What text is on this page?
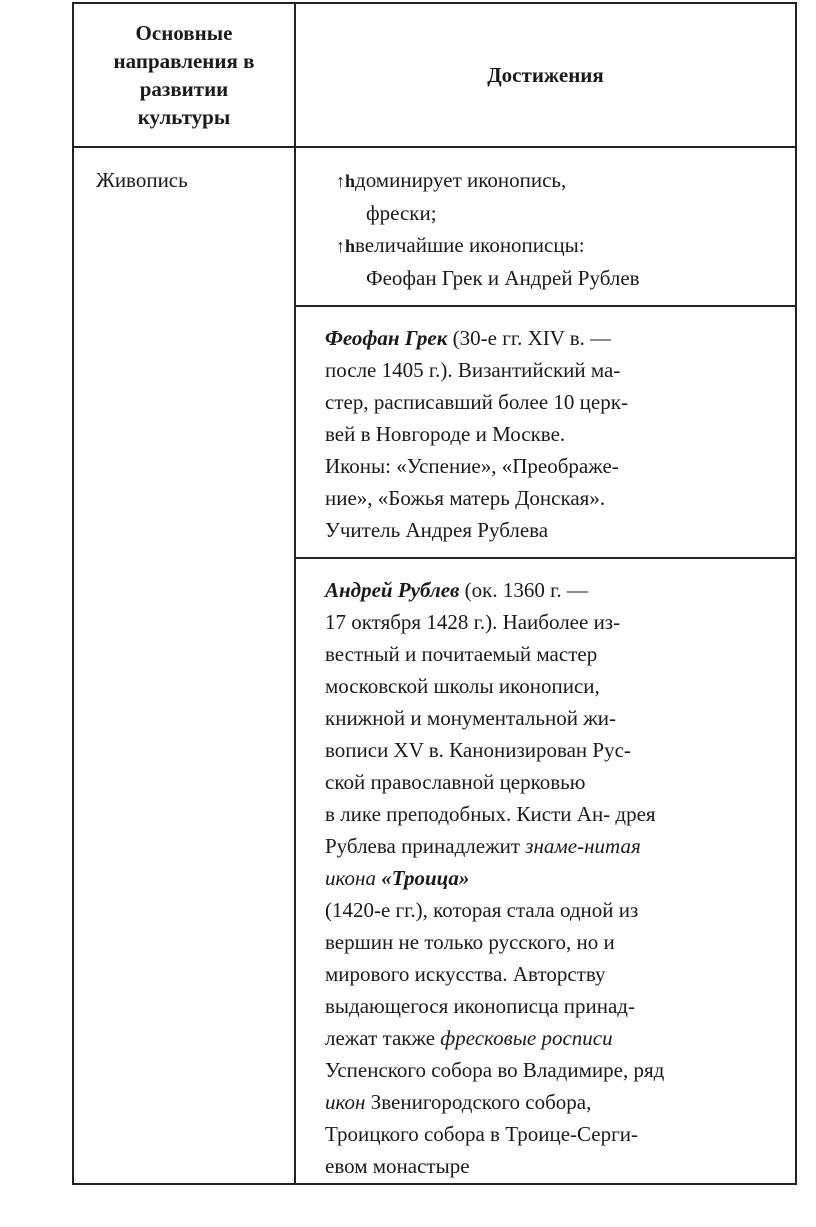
Основные направления в развитии культуры
Достижения
Живопись	↑hдоминирует иконопись,
фрески;
↑hвеличайшие иконописцы:
Феофан Грек и Андрей Рублев
Феофан Грек (30-е гг. XIV в. —
после 1405 г.). Византийский ма-
стер, расписавший более 10 церк-
вей в Новгороде и Москве.
Иконы: «Успение», «Преображе-
ние», «Божья матерь Донская».
Учитель Андрея Рублева
Андрей Рублев (ок. 1360 г. —
17 октября 1428 г.). Наиболее из-
вестный и почитаемый мастер
московской школы иконописи,
книжной и монументальной жи-
вописи XV в. Канонизирован Рус-
ской православной церковью
в лике преподобных. Кисти Ан- дрея
Рублева принадлежит знаме-нитая
икона «Троица»
(1420-е гг.), которая стала одной из
вершин не только русского, но и
мирового искусства. Авторству
выдающегося иконописца принад-
лежат также фресковые росписи
Успенского собора во Владимире, ряд
икон Звенигородского собора,
Троицкого собора в Троице-Серги-
евом монастыре
